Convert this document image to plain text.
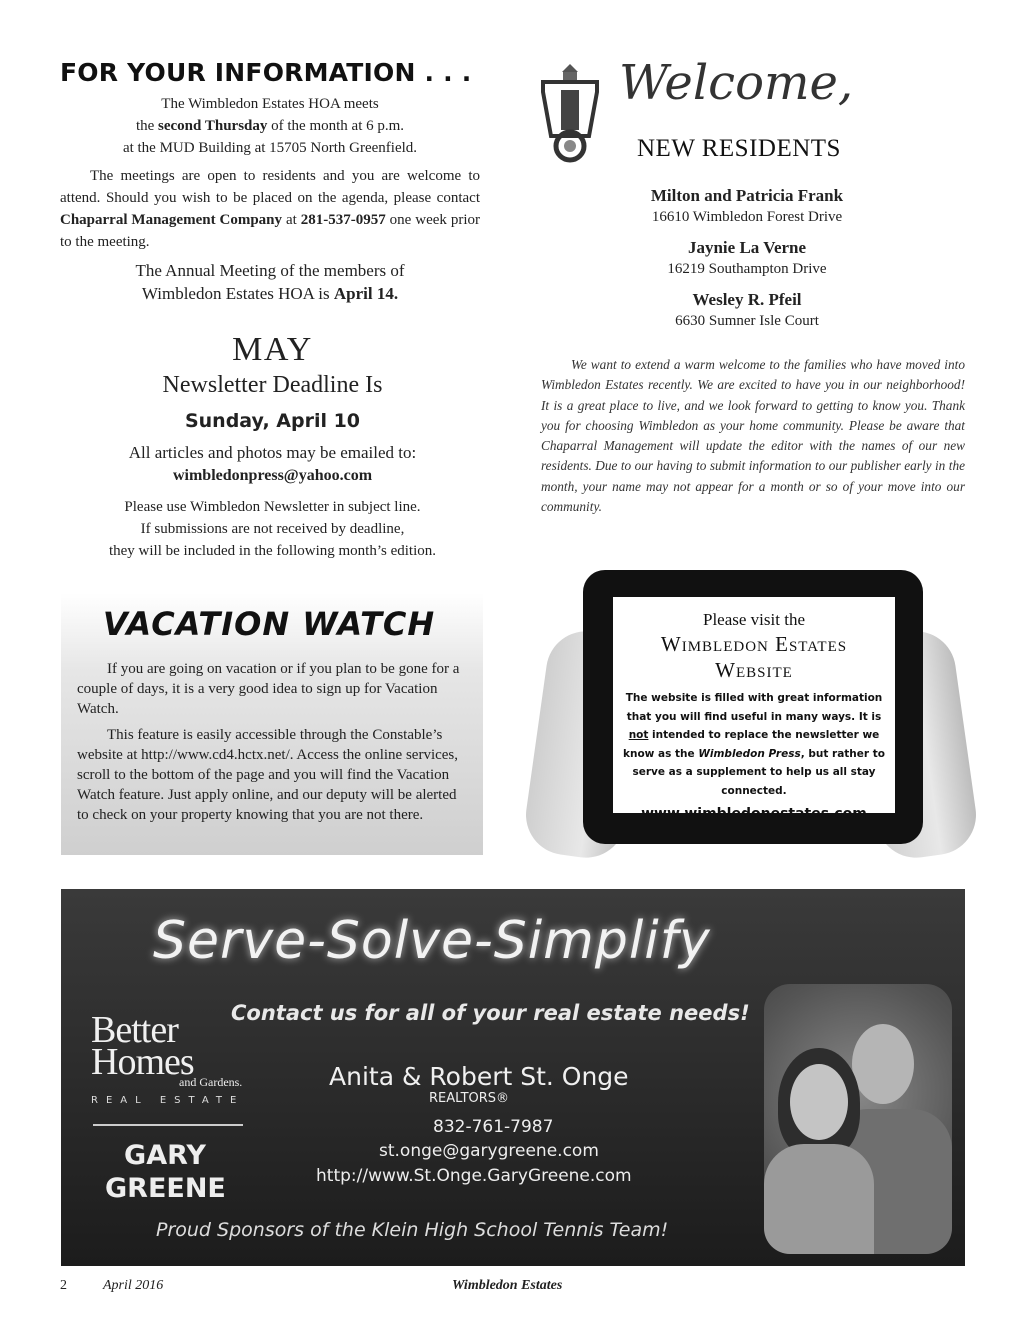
FOR YOUR INFORMATION . . .
The Wimbledon Estates HOA meets
the second Thursday of the month at 6 p.m.
at the MUD Building at 15705 North Greenfield.

The meetings are open to residents and you are welcome to attend. Should you wish to be placed on the agenda, please contact Chaparral Management Company at 281-537-0957 one week prior to the meeting.

The Annual Meeting of the members of
Wimbledon Estates HOA is April 14.
MAY
Newsletter Deadline Is
Sunday, April 10
All articles and photos may be emailed to:
wimbledonpress@yahoo.com
Please use Wimbledon Newsletter in subject line.
If submissions are not received by deadline,
they will be included in the following month’s edition.
Welcome,
NEW RESIDENTS
Milton and Patricia Frank
16610 Wimbledon Forest Drive
Jaynie La Verne
16219 Southampton Drive
Wesley R. Pfeil
6630 Sumner Isle Court

We want to extend a warm welcome to the families who have moved into Wimbledon Estates recently. We are excited to have you in our neighborhood! It is a great place to live, and we look forward to getting to know you. Thank you for choosing Wimbledon as your home community. Please be aware that Chaparral Management will update the editor with the names of our new residents. Due to our having to submit information to our publisher early in the month, your name may not appear for a month or so of your move into our community.

VACATION WATCH

If you are going on vacation or if you plan to be gone for a couple of days, it is a very good idea to sign up for Vacation Watch.

This feature is easily accessible through the Constable’s website at http://www.cd4.hctx.net/. Access the online services, scroll to the bottom of the page and you will find the Vacation Watch feature. Just apply online, and our deputy will be alerted to check on your property knowing that you are not there.

Please visit the
Wimbledon Estates
Website
The website is filled with great information that you will find useful in many ways. It is not intended to replace the newsletter we know as the Wimbledon Press, but rather to serve as a supplement to help us all stay connected.
www.wimbledonestates.com
Serve-Solve-Simplify
Contact us for all of your real estate needs!
Better
Homes
and Gardens.
REAL ESTATE
GARY
GREENE
Anita & Robert St. Onge
REALTORS®
832-761-7987
st.onge@garygreene.com
http://www.St.Onge.GaryGreene.com
Proud Sponsors of the Klein High School Tennis Team!
2	April 2016	Wimbledon Estates
